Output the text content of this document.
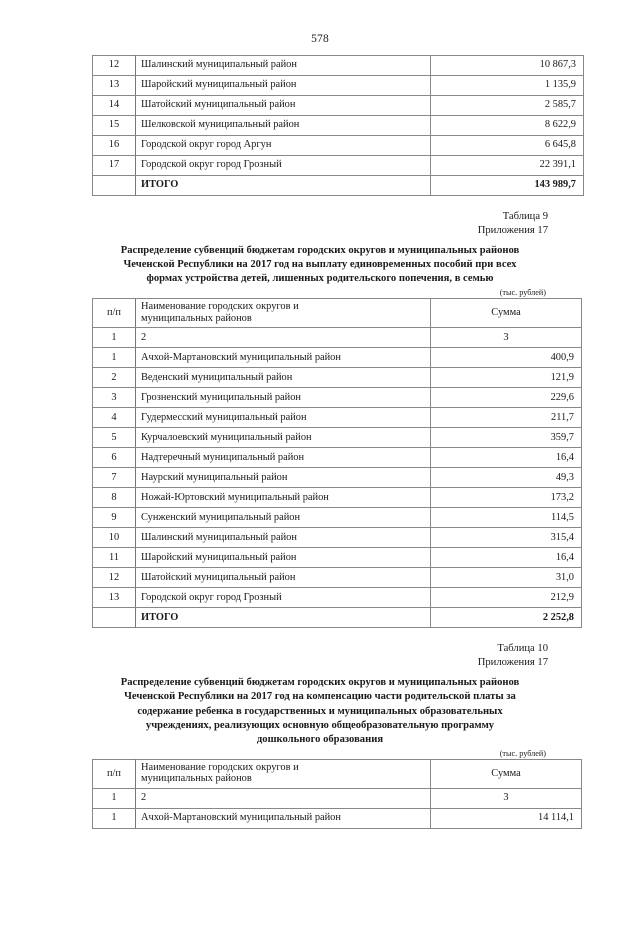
578
12	Шалинский муниципальный район	10 867,3
13	Шаройский муниципальный район	1 135,9
14	Шатойский муниципальный район	2 585,7
15	Шелковской муниципальный район	8 622,9
16	Городской округ город Аргун	6 645,8
17	Городской округ город Грозный	22 391,1
	ИТОГО	143 989,7
Таблица 9
Приложения 17
Распределение субвенций бюджетам городских округов и муниципальных районов
Чеченской Республики на 2017 год на выплату единовременных пособий при всех
формах устройства детей, лишенных родительского попечения, в семью
(тыс. рублей)
п/п	Наименование городских округов и
муниципальных районов	Сумма
1	2	3
1	Ачхой-Мартановский муниципальный район	400,9
2	Веденский муниципальный район	121,9
3	Грозненский муниципальный район	229,6
4	Гудермесский муниципальный район	211,7
5	Курчалоевский муниципальный район	359,7
6	Надтеречный муниципальный район	16,4
7	Наурский муниципальный район	49,3
8	Ножай-Юртовский муниципальный район	173,2
9	Сунженский муниципальный район	114,5
10	Шалинский муниципальный район	315,4
11	Шаройский муниципальный район	16,4
12	Шатойский муниципальный район	31,0
13	Городской округ город Грозный	212,9
	ИТОГО	2 252,8
Таблица 10
Приложения 17
Распределение субвенций бюджетам городских округов и муниципальных районов
Чеченской Республики на 2017 год на компенсацию части родительской платы за
содержание ребенка в государственных и муниципальных образовательных
учреждениях, реализующих основную общеобразовательную программу
дошкольного образования
(тыс. рублей)
п/п	Наименование городских округов и
муниципальных районов	Сумма
1	2	3
1	Ачхой-Мартановский муниципальный район	14 114,1
